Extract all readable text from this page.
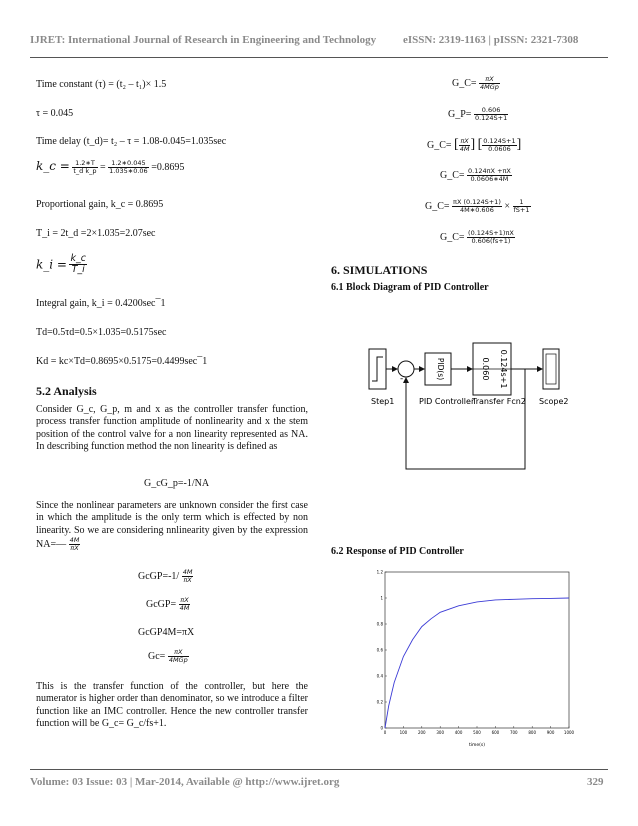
IJRET: International Journal of Research in Engineering and Technology eISSN: 2319-1163 | pISSN: 2321-7308
Time constant (τ) = (t₂ – t₁)× 1.5
τ = 0.045
Time delay (t_d)= t₂ – τ = 1.08-0.045=1.035sec
k_c = $\frac{1.2∗T}{\text{t\_d k\_p}} = \frac{1.2∗0.045}{1.035∗0.06} =0.8695$
Proportional gain, k_c = 0.8695
T_i = 2t_d =2×1.035=2.07sec
k_i = $\frac{k\_c}{T\_i}$
Integral gain, k_i = 0.4200sec¯1
Td=0.5τd=0.5×1.035=0.5175sec
Kd = kc×Td=0.8695×0.5175=0.4499sec¯1
5.2 Analysis
Consider G_c, G_p, m and x as the controller transfer function, process transfer function amplitude of nonlinearity and x the stem position of the control valve for a non linearity represented as NA. In describing function method the non linearity is defined as
G_cG_p=-1/NA
Since the nonlinear parameters are unknown consider the first case in which the amplitude is the only term which is effected by non linearity. So we are considering nnlinearity given by the expression NA=— $\frac{4M}{\pi X}$
GcGP=-1/ $\frac{4M}{\pi X}$
GcGP= $\frac{\pi X}{4M}$
GcGP4M=πX
$Gc= \frac{\pi X}{\text{4MGp}}$
This is the transfer function of the controller, but here the numerator is higher order than denominator, so we introduce a filter function like an IMC controller. Hence the new controller transfer function will be G_c= G_c/fs+1.
G_C= $\frac{\pi X}{\text{4MGp}}$
G_P= $\frac{0.606}{0.124S+1}$
G_C= [ $\frac{\pi X}{4M}$ ] [ $\frac{0.124S+1}{0.0606}$ ]
G_C= $\frac{0.124\pi X +\pi X}{0.0606∗4M}$
G_C= $\frac{\pi X (0.124S+1)}{4M∗0.606} \times \frac{1}{fS+1}$
G_C= $\frac{(0.124S+1)\pi X}{0.606(fs+1)}$
6. SIMULATIONS
6.1 Block Diagram of PID Controller
-	PID(s)	0.060 0.124s+1
Step1	PID Controller
Transfer Fcn2 Scope2
6.2 Response of PID Controller
0	100	200	300	400	500	600	700	800	900 1000
0
0.2
0.4
0.6
0.8
1
1.2
time(s)
Volume: 03 Issue: 03 | Mar-2014, Available @ http://www.ijret.org	329
